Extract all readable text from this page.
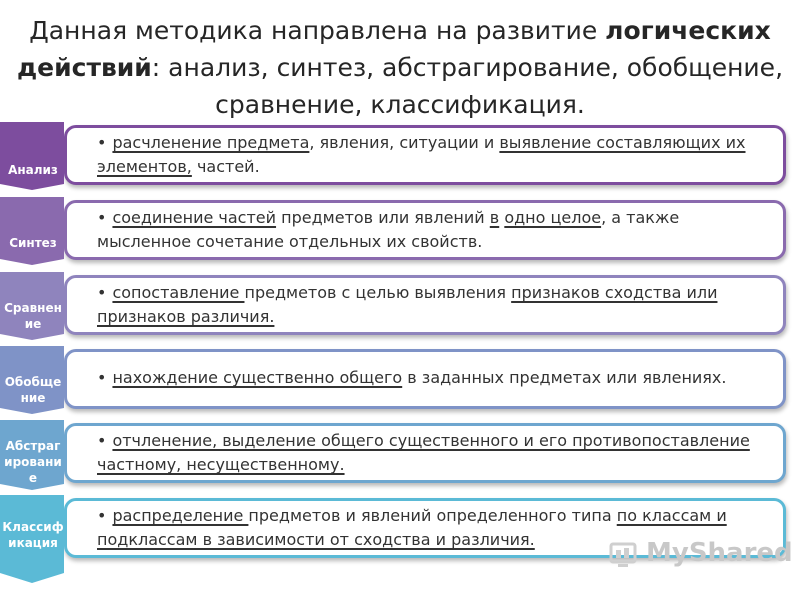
Данная методика направлена на развитие логических
действий: анализ, синтез, абстрагирование, обобщение,
сравнение, классификация.
• расчленение предмета, явления, ситуации и выявление составляющих их элементов, частей.
Анализ
• соединение частей предметов или явлений в одно целое, а также мысленное сочетание отдельных их свойств.
Синтез
• сопоставление предметов с целью выявления признаков сходства или признаков различия.
Сравнен
ие
• нахождение существенно общего в заданных предметах или явлениях.
Обобще
ние
• отчленение, выделение общего существенного и его противопоставление частному, несущественному.
Абстраг
ировани
е
• распределение предметов и явлений определенного типа по классам и подклассам в зависимости от сходства и различия.
Классиф
икация	MyShared
